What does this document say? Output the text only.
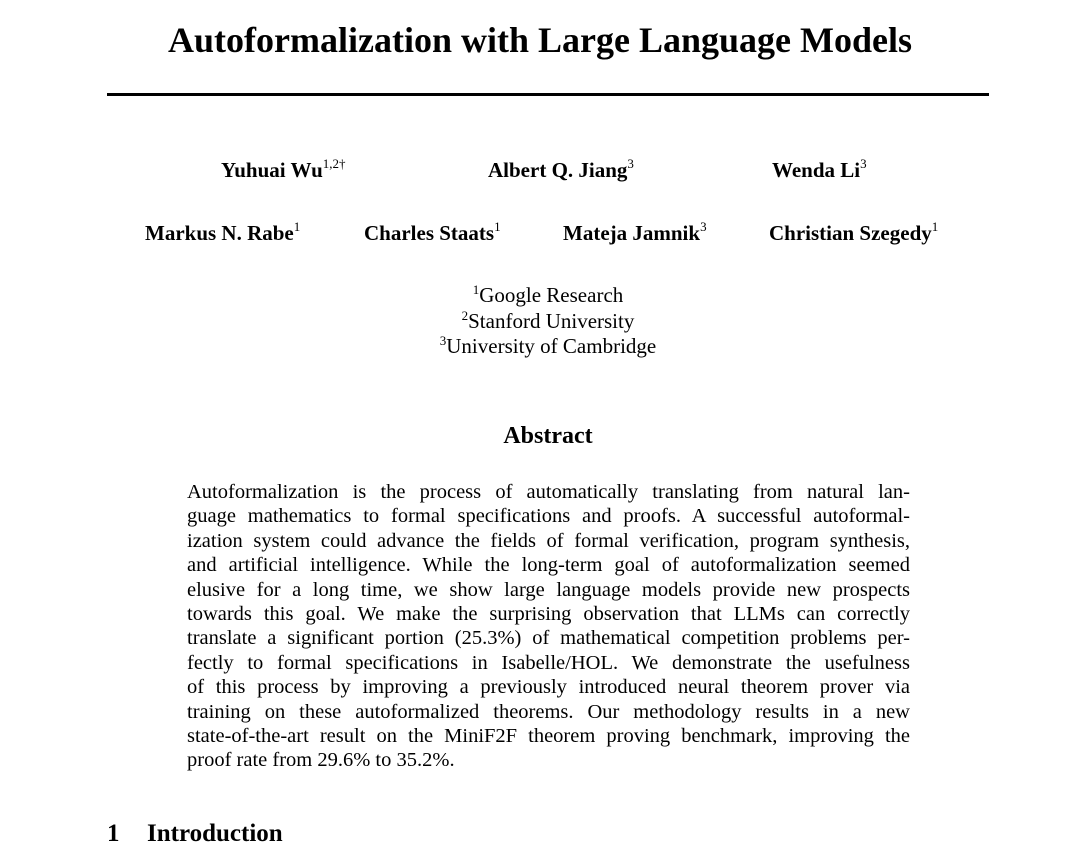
Autoformalization with Large Language Models
Yuhuai $Wu^{1,2\dagger}$	Albert Q. Jiang$^3$	Wenda Li$^3$
Markus N. Rabe$^1$	Charles Staats$^1$	Mateja Jamnik$^3$	Christian Szegedy$^1$
$^1$Google Research
$^2$Stanford University
$^3$University of Cambridge
Abstract
Autoformalization is the process of automatically translating from natural lan-
guage mathematics to formal specifications and proofs. A successful autoformal-
ization system could advance the fields of formal verification, program synthesis,
and artificial intelligence. While the long-term goal of autoformalization seemed
elusive for a long time, we show large language models provide new prospects
towards this goal. We make the surprising observation that LLMs can correctly
translate a significant portion (25.3%) of mathematical competition problems per-
fectly to formal specifications in Isabelle/HOL. We demonstrate the usefulness
of this process by improving a previously introduced neural theorem prover via
training on these autoformalized theorems. Our methodology results in a new
state-of-the-art result on the MiniF2F theorem proving benchmark, improving the
proof rate from 29.6% to 35.2%.
1 Introduction
